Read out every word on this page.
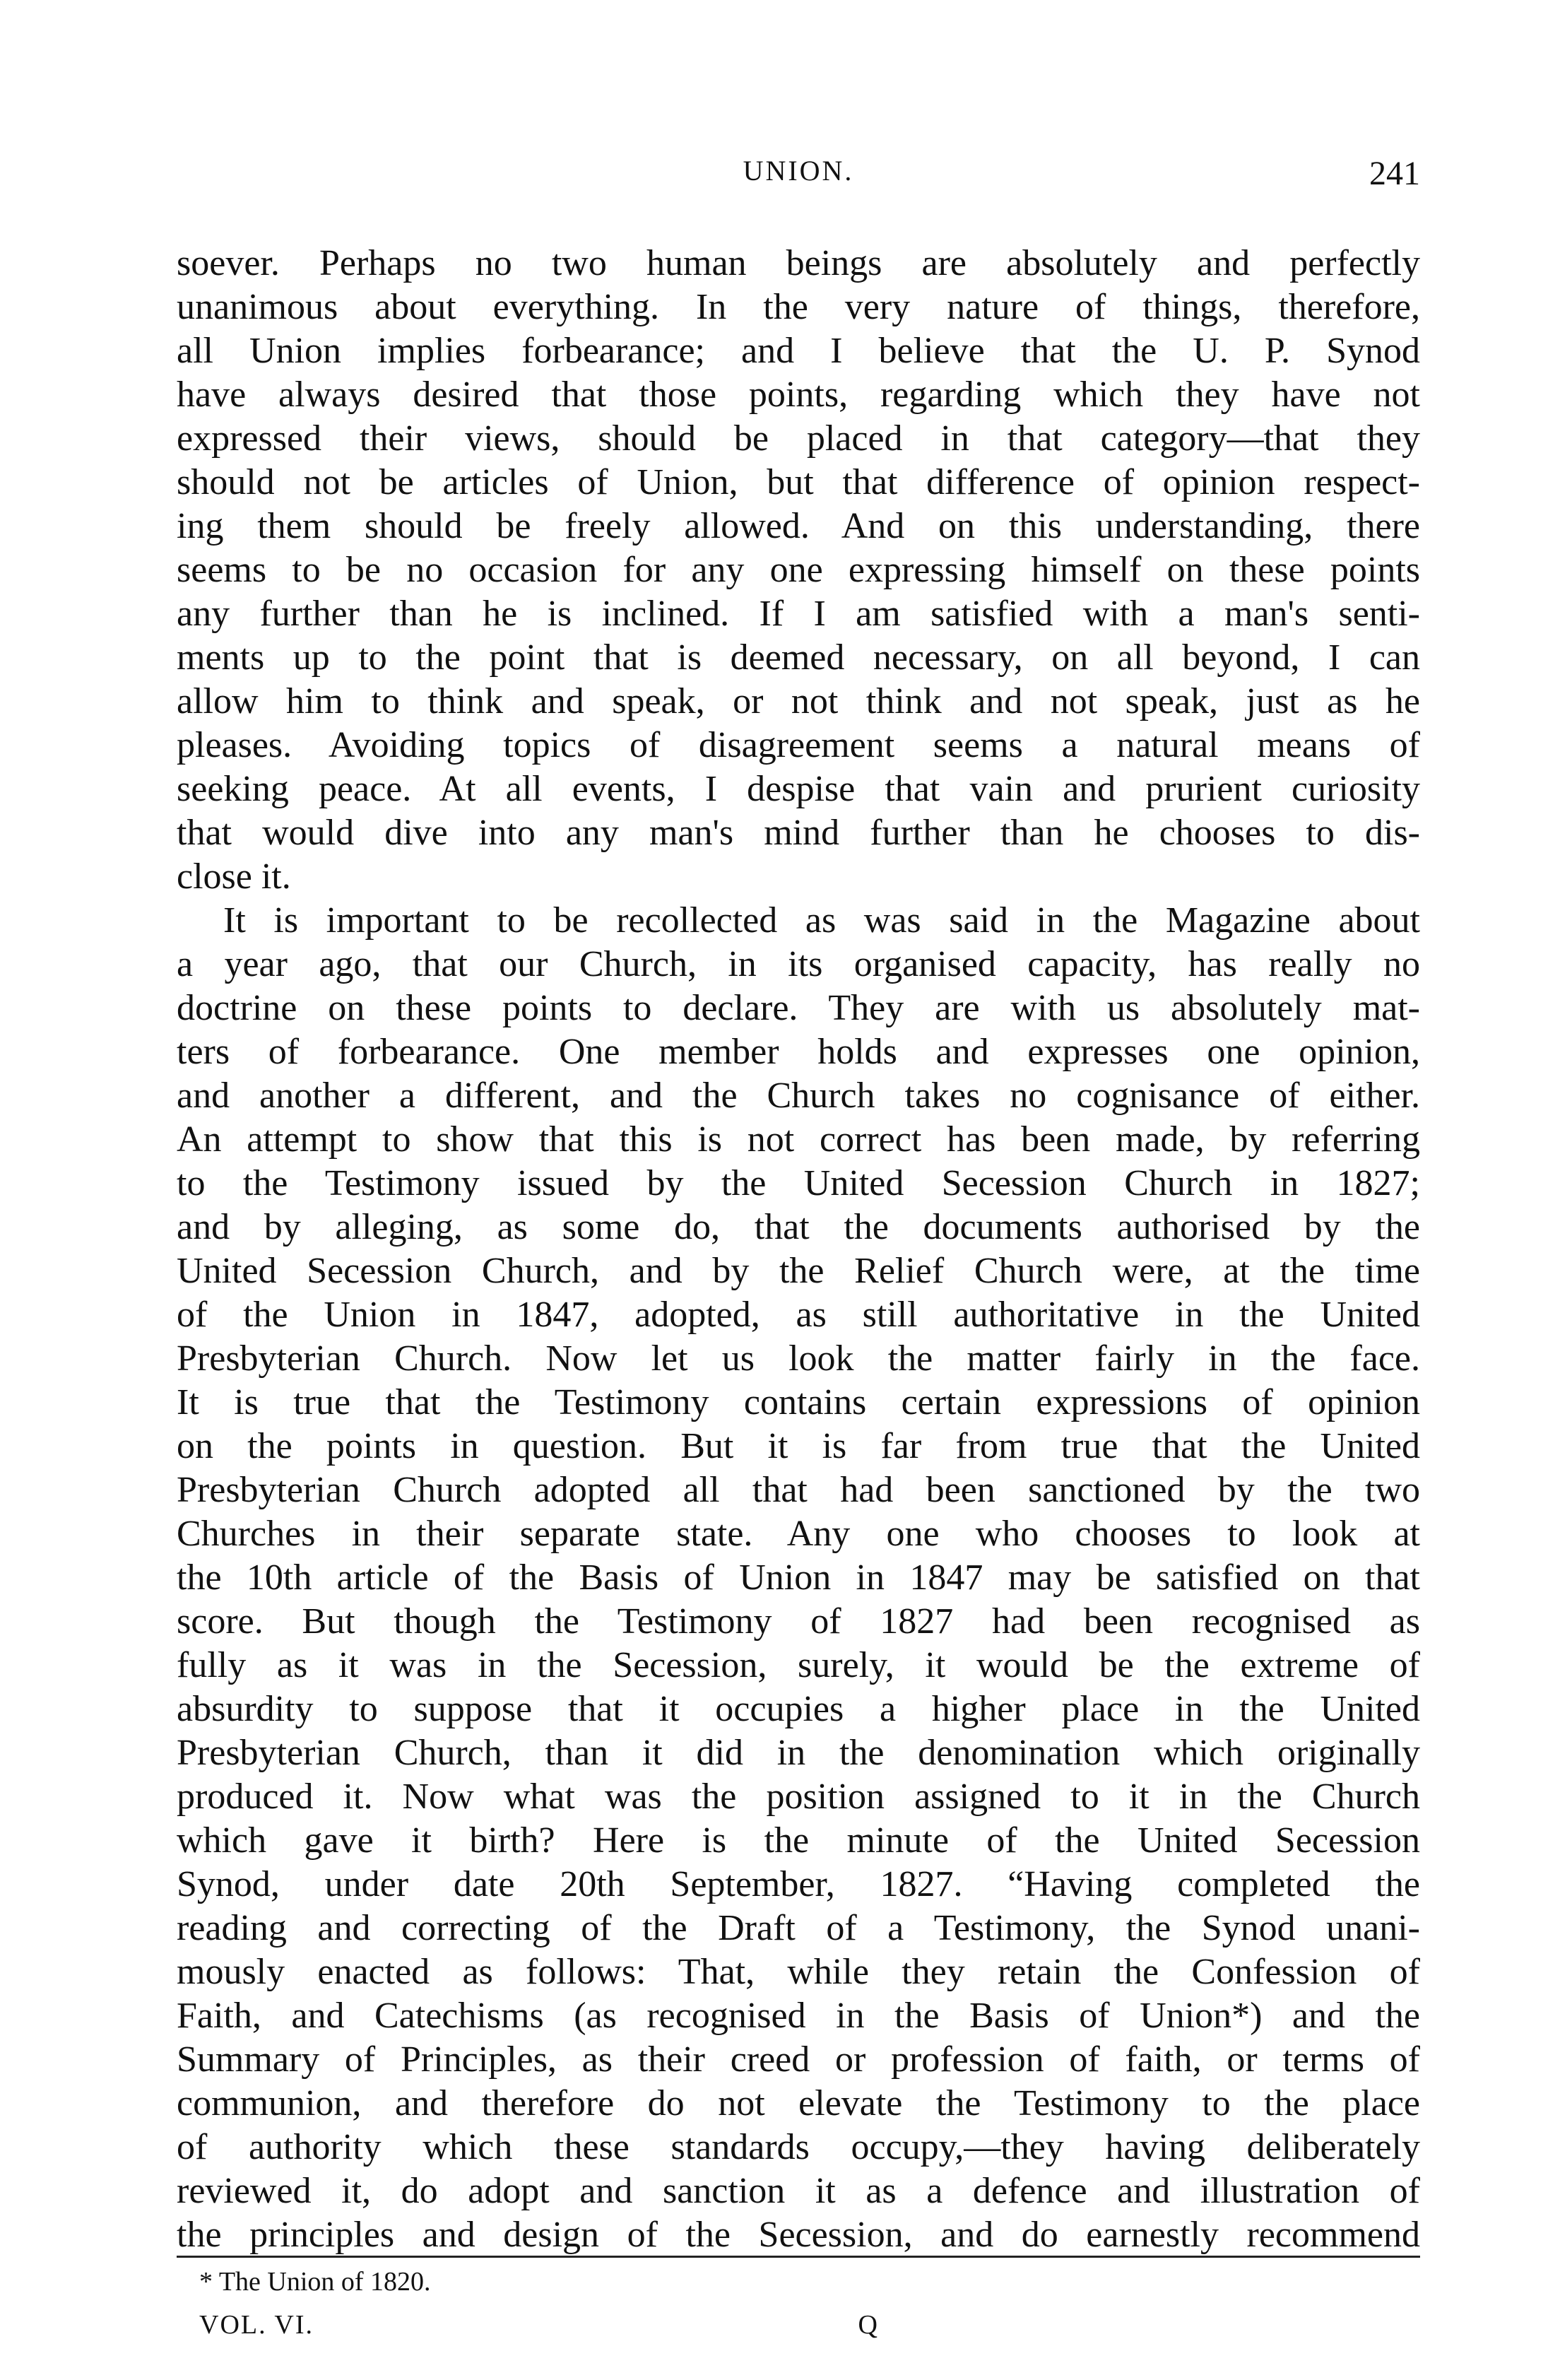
UNION.	241
soever. Perhaps no two human beings are absolutely and perfectly
unanimous about everything. In the very nature of things, therefore,
all Union implies forbearance; and I believe that the U. P. Synod
have always desired that those points, regarding which they have not
expressed their views, should be placed in that category—that they
should not be articles of Union, but that difference of opinion respect-
ing them should be freely allowed. And on this understanding, there
seems to be no occasion for any one expressing himself on these points
any further than he is inclined. If I am satisfied with a man's senti-
ments up to the point that is deemed necessary, on all beyond, I can
allow him to think and speak, or not think and not speak, just as he
pleases. Avoiding topics of disagreement seems a natural means of
seeking peace. At all events, I despise that vain and prurient curiosity
that would dive into any man's mind further than he chooses to dis-
close it.
It is important to be recollected as was said in the Magazine about
a year ago, that our Church, in its organised capacity, has really no
doctrine on these points to declare. They are with us absolutely mat-
ters of forbearance. One member holds and expresses one opinion,
and another a different, and the Church takes no cognisance of either.
An attempt to show that this is not correct has been made, by referring
to the Testimony issued by the United Secession Church in 1827;
and by alleging, as some do, that the documents authorised by the
United Secession Church, and by the Relief Church were, at the time
of the Union in 1847, adopted, as still authoritative in the United
Presbyterian Church. Now let us look the matter fairly in the face.
It is true that the Testimony contains certain expressions of opinion
on the points in question. But it is far from true that the United
Presbyterian Church adopted all that had been sanctioned by the two
Churches in their separate state. Any one who chooses to look at
the 10th article of the Basis of Union in 1847 may be satisfied on that
score. But though the Testimony of 1827 had been recognised as
fully as it was in the Secession, surely, it would be the extreme of
absurdity to suppose that it occupies a higher place in the United
Presbyterian Church, than it did in the denomination which originally
produced it. Now what was the position assigned to it in the Church
which gave it birth? Here is the minute of the United Secession
Synod, under date 20th September, 1827. “Having completed the
reading and correcting of the Draft of a Testimony, the Synod unani-
mously enacted as follows: That, while they retain the Confession of
Faith, and Catechisms (as recognised in the Basis of Union*) and the
Summary of Principles, as their creed or profession of faith, or terms of
communion, and therefore do not elevate the Testimony to the place
of authority which these standards occupy,—they having deliberately
reviewed it, do adopt and sanction it as a defence and illustration of
the principles and design of the Secession, and do earnestly recommend
* The Union of 1820.
VOL. VI.	Q
